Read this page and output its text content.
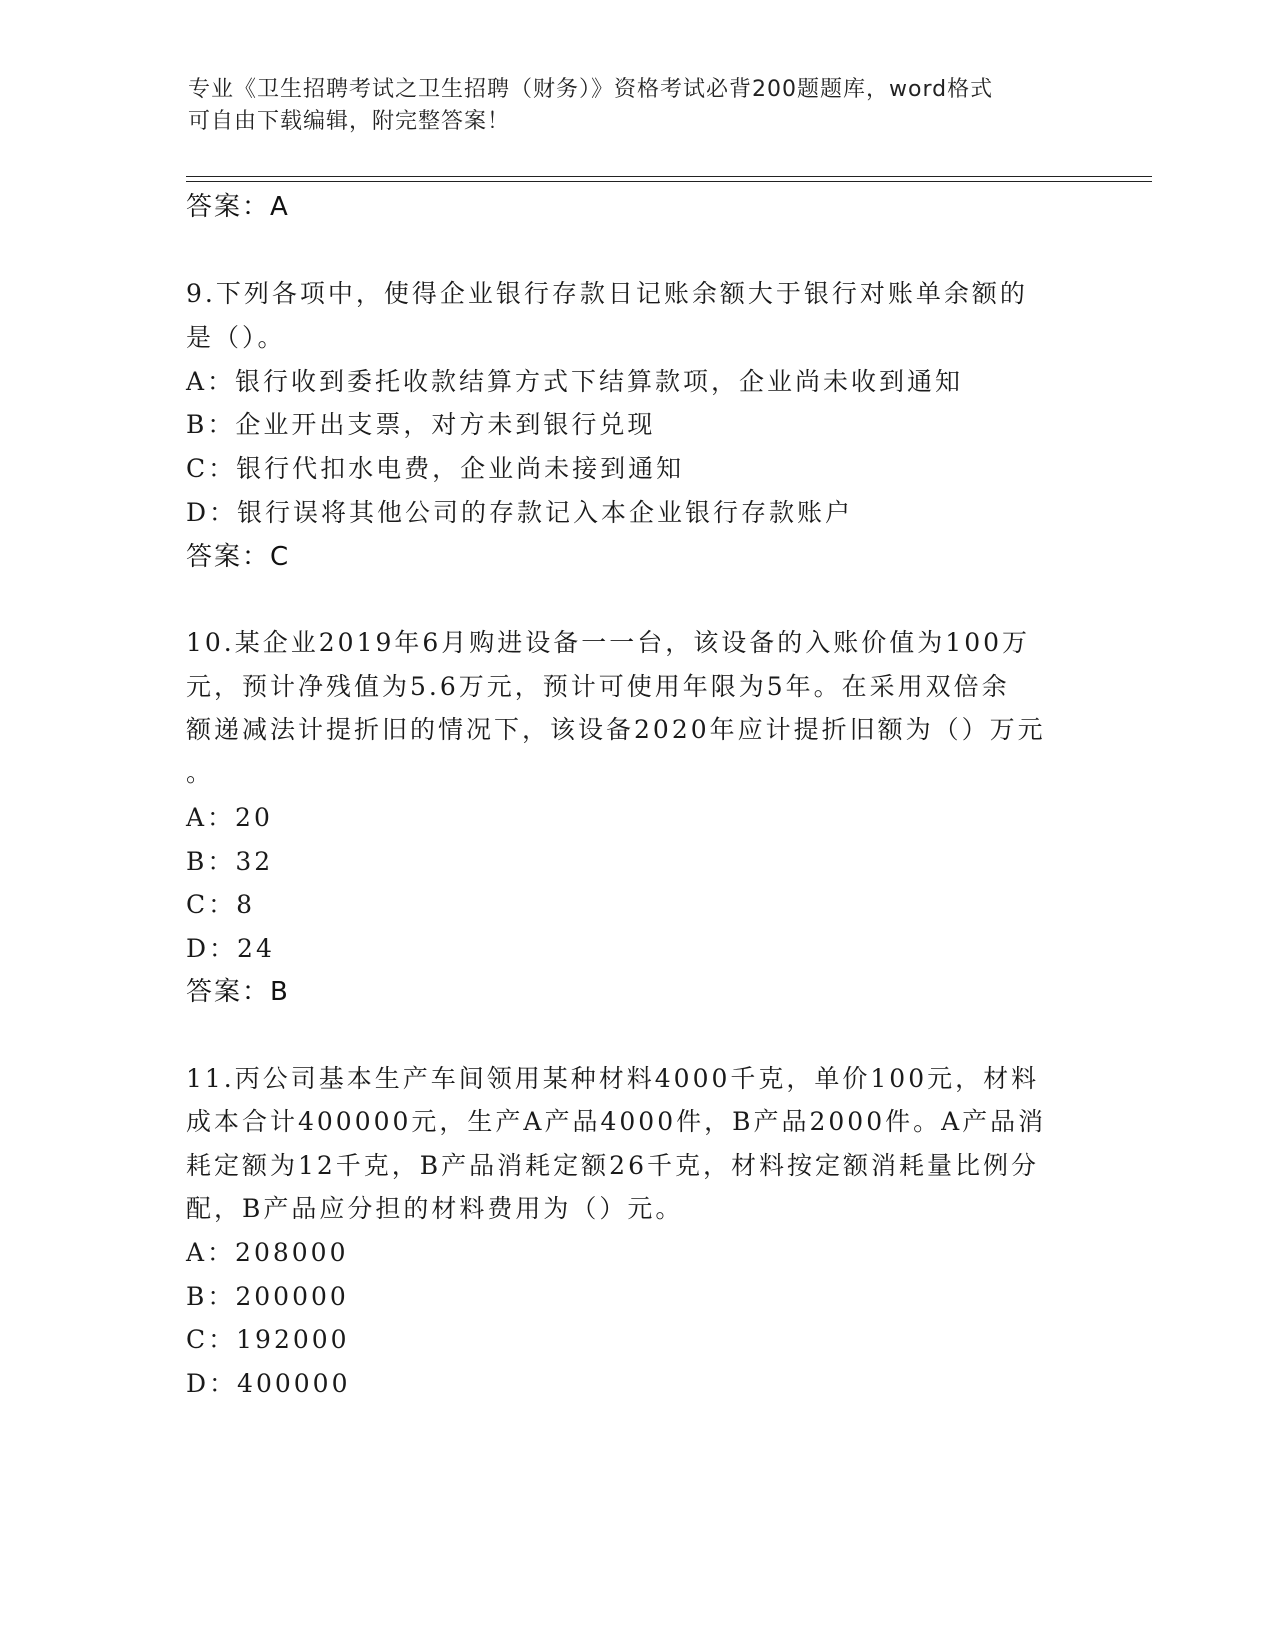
专业《卫生招聘考试之卫生招聘（财务）》资格考试必背200题题库，word格式
可自由下载编辑，附完整答案！
答案：A
9.下列各项中，使得企业银行存款日记账余额大于银行对账单余额的
是（）。
A：银行收到委托收款结算方式下结算款项，企业尚未收到通知
B：企业开出支票，对方未到银行兑现
C：银行代扣水电费，企业尚未接到通知
D：银行误将其他公司的存款记入本企业银行存款账户
答案：C
10.某企业2019年6月购进设备一一台，该设备的入账价值为100万
元，预计净残值为5.6万元，预计可使用年限为5年。在采用双倍余
额递减法计提折旧的情况下，该设备2020年应计提折旧额为（）万元
。
A：20
B：32
C：8
D：24
答案：B
11.丙公司基本生产车间领用某种材料4000千克，单价100元，材料
成本合计400000元，生产A产品4000件，B产品2000件。A产品消
耗定额为12千克，B产品消耗定额26千克，材料按定额消耗量比例分
配，B产品应分担的材料费用为（）元。
A：208000
B：200000
C：192000
D：400000
